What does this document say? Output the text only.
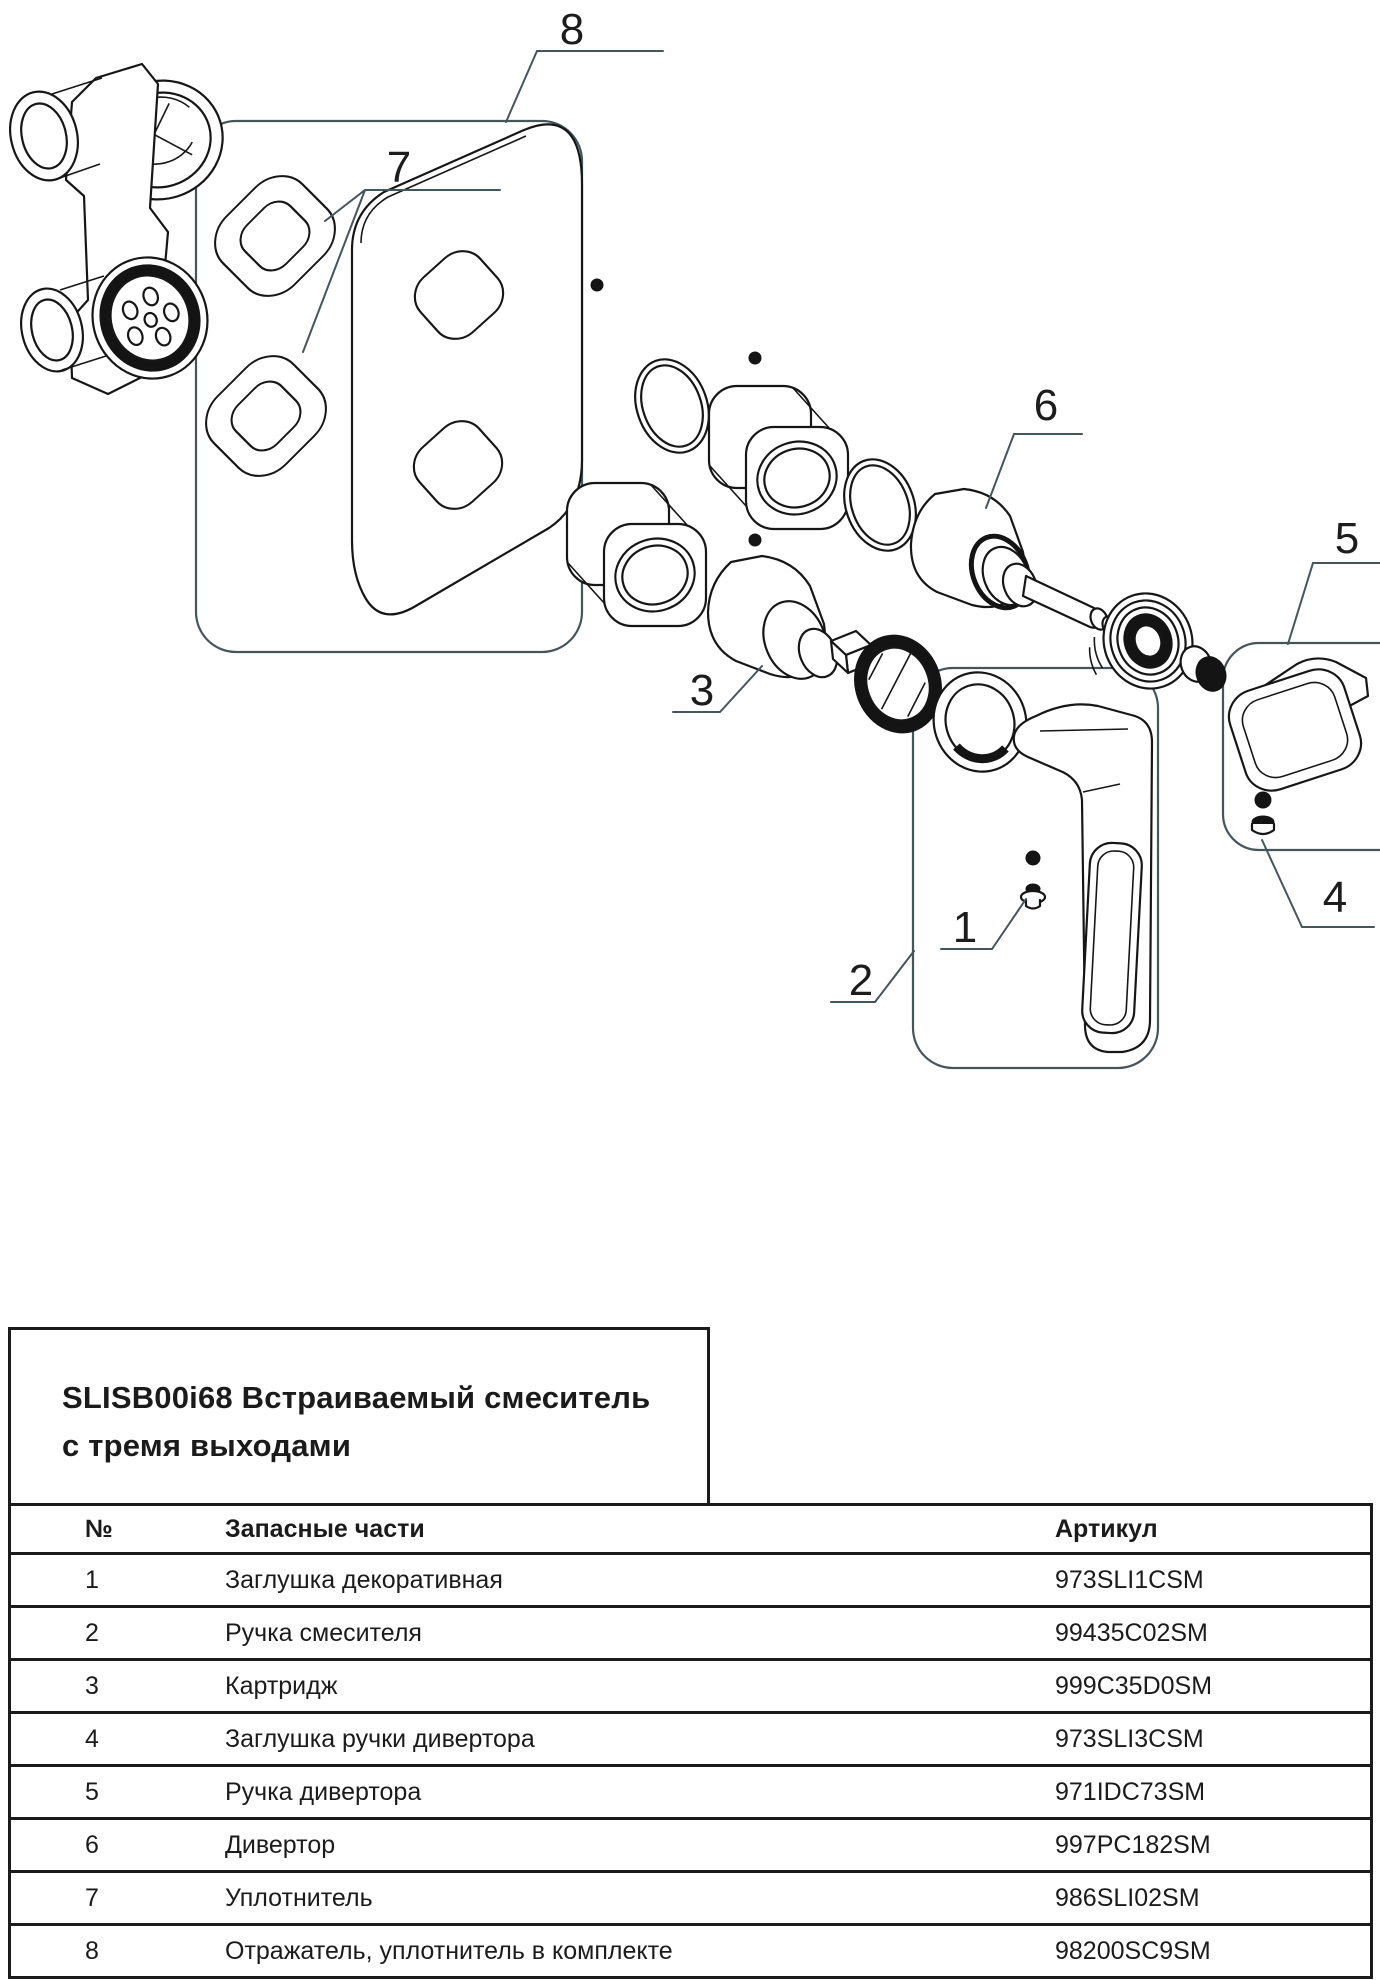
1
2
3
4
5
6
7
8
SLISB00i68 Встраиваемый смеситель
с тремя выходами
№	Запасные части	Артикул
1	Заглушка декоративная	973SLI1CSM
2	Ручка смесителя	99435C02SM
3	Картридж	999C35D0SM
4	Заглушка ручки дивертора	973SLI3CSM
5	Ручка дивертора	971IDC73SM
6	Дивертор	997PC182SM
7	Уплотнитель	986SLI02SM
8	Отражатель, уплотнитель в комплекте	98200SC9SM
